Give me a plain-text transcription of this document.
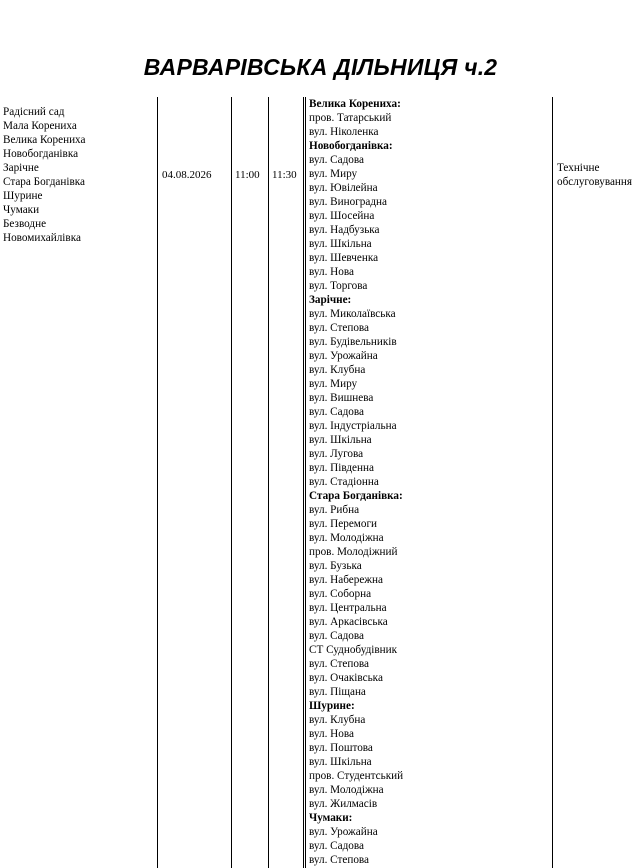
ВАРВАРІВСЬКА ДІЛЬНИЦЯ ч.2
Радісний сад
Мала Корениха
Велика Корениха
Новобогданівка
Зарічне
Стара Богданівка
Шурине
Чумаки
Безводне
Новомихайлівка
04.08.2026 11:00 11:30
Велика Корениха:
пров. Татарський
вул. Ніколенка
Новобогданівка:
вул. Садова
вул. Миру
вул. Ювілейна
вул. Виноградна
вул. Шосейна
вул. Надбузька
вул. Шкільна
вул. Шевченка
вул. Нова
вул. Торгова
Зарічне:
вул. Миколаївська
вул. Степова
вул. Будівельників
вул. Урожайна
вул. Клубна
вул. Миру
вул. Вишнева
вул. Садова
вул. Індустріальна
вул. Шкільна
вул. Лугова
вул. Південна
вул. Стадіонна
Стара Богданівка:
вул. Рибна
вул. Перемоги
вул. Молодіжна
пров. Молодіжний
вул. Бузька
вул. Набережна
вул. Соборна
вул. Центральна
вул. Аркасівська
вул. Садова
СТ Суднобудівник
вул. Степова
вул. Очаківська
вул. Піщана
Шурине:
вул. Клубна
вул. Нова
вул. Поштова
вул. Шкільна
пров. Студентський
вул. Молодіжна
вул. Жилмасів
Чумаки:
вул. Урожайна
вул. Садова
вул. Степова
Технічне обслуговування
